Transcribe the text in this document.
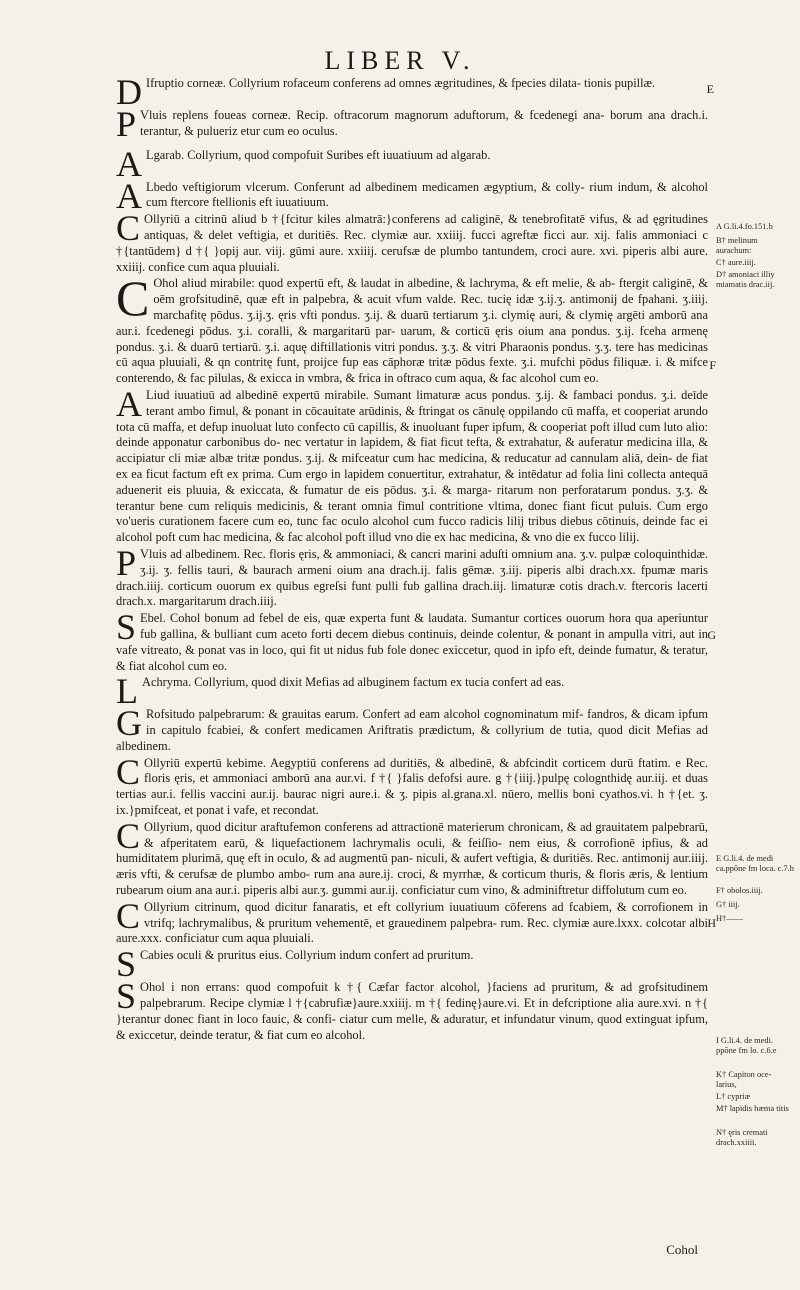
LIBER V.

D Ifruptio corneæ. Collyrium rofaceum conferens ad omnes ægritudines, & fpecies dilata- tionis pupillæ.

P Vluis replens foueas corneæ. Recip. oftracorum magnorum aduftorum, & fcedenegi ana- borum ana drach.i. terantur, & pulueriz etur cum eo oculus.

A Lgarab. Collyrium, quod compofuit Suribes eft iuuatiuum ad algarab.

A Lbedo veftigiorum vlcerum. Conferunt ad albedinem medicamen ægyptium, & colly- rium indum, & alcohol cum ftercore ftellionis eft iuuatiuum.

C Ollyriū a citrinū aliud b †{fcitur kiles almatrā:}conferens ad caliginē, & tenebrofitatē vifus, & ad ęgritudines antiquas, & delet veftigia, et duritiēs. Rec. clymiæ aur. xxiiij. fucci agreftæ ficci aur. xij. falis ammoniaci c †{tantūdem} d †{ }opij aur. viij. gūmi aure. xxiiij. cerufsæ de plumbo tantundem, croci aure. xvi. piperis albi aure. xxiiij. confice cum aqua pluuiali.

C Ohol aliud mirabile: quod expertū eft, & laudat in albedine, & lachryma, & eft melie, & ab- ftergit caliginē, & oēm grofsitudinē, quæ eft in palpebra, & acuit vfum valde. Rec. tucię idæ ʒ.ij.ʒ. antimonij de fpahani. ʒ.iiij. marchafitę pōdus. ʒ.ij.ʒ. ęris vfti pondus. ʒ.ij. & duarū tertiarum ʒ.i. clymię auri, & clymię argēti amborū ana aur.i. fcedenegi pōdus. ʒ.i. coralli, & margaritarū par- uarum, & corticū ęris oium ana pondus. ʒ.ij. fceha armenę pondus. ʒ.i. & duarū tertiarū. ʒ.i. aquę diftillationis vitri pondus. ʒ.ʒ. & vitri Pharaonis pondus. ʒ.ʒ. tere has medicinas cū aqua pluuiali, & qn contritę funt, proijce fup eas cāphoræ tritæ pōdus fexte. ʒ.i. mufchi pōdus filiquæ. i. & mifce conterendo, & fac pilulas, & exicca in vmbra, & frica in oftraco cum aqua, & fac alcohol cum eo.

A Liud iuuatiuū ad albedinē expertū mirabile. Sumant limaturæ acus pondus. ʒ.ij. & fambaci pondus. ʒ.i. deīde terant ambo fimul, & ponant in cōcauitate arūdinis, & ftringat os cānulę oppilando cū maffa, et cooperiat arundo tota cū maffa, et defup inuoluat luto confecto cū capillis, & inuoluant fuper ipfum, & cooperiat poft illud cum luto alio: deinde apponatur carbonibus do- nec vertatur in lapidem, & fiat ficut tefta, & extrahatur, & auferatur medicina illa, & accipiatur cli miæ albæ tritæ pondus. ʒ.ij. & mifceatur cum hac medicina, & reducatur ad cannulam aliā, dein- de fiat ex ea ficut factum eft ex prima. Cum ergo in lapidem conuertitur, extrahatur, & intēdatur ad folia lini collecta antequā aduenerit eis pluuia, & exiccata, & fumatur de eis pōdus. ʒ.i. & marga- ritarum non perforatarum pondus. ʒ.ʒ. & terantur bene cum reliquis medicinis, & terant omnia fimul contritione vltima, donec fiant ficut puluis. Cum ergo vo'ueris curationem facere cum eo, tunc fac oculo alcohol cum fucco radicis lilij tribus diebus cōtinuis, deinde fac ei alcohol poft cum hac medicina, & fac alcohol poft illud vno die ex hac medicina, & vno die ex fucco lilij.

P Vluis ad albedinem. Rec. floris ęris, & ammoniaci, & cancri marini aduſti omnium ana. ʒ.v. pulpæ coloquinthidæ. ʒ.ij. ʒ. fellis tauri, & baurach armeni oium ana drach.ij. falis gēmæ. ʒ.iij. piperis albi drach.xx. fpumæ maris drach.iiij. corticum ouorum ex quibus egreſsi funt pulli fub gallina drach.iij. limaturæ cotis drach.v. ftercoris lacerti drach.x. margaritarum drach.iiij.

S Ebel. Cohol bonum ad febel de eis, quæ experta funt & laudata. Sumantur cortices ouorum hora qua aperiuntur fub gallina, & bulliant cum aceto forti decem diebus continuis, deinde colentur, & ponant in ampulla vitri, aut in vafe vitreato, & ponat vas in loco, qui fit ut nidus fub fole donec exiccetur, quod in ipfo eft, deinde fumatur, & teratur, & fiat alcohol cum eo.

L Achryma. Collyrium, quod dixit Mefias ad albuginem factum ex tucia confert ad eas.

G Rofsitudo palpebrarum: & grauitas earum. Confert ad eam alcohol cognominatum mif- fandros, & dicam ipfum in capitulo fcabiei, & confert medicamen Ariftratis prædictum, & collyrium de tutia, quod dicit Mefias ad albedinem.

C Ollyriū expertū kebime. Aegyptiū conferens ad duritiēs, & albedinē, & abfcindit corticem durū ftatim. e Rec. floris ęris, et ammoniaci amborū ana aur.vi. f †{ }falis defofsi aure. g †{iiij.}pulpę colognthidę aur.iij. et duas tertias aur.i. fellis vaccini aur.ij. baurac nigri aure.i. & ʒ. pipis al.grana.xl. nūero, mellis boni cyathos.vi. h †{et. ʒ. ix.}pmifceat, et ponat i vafe, et recondat.

C Ollyrium, quod dicitur araftufemon conferens ad attractionē materierum chronicam, & ad grauitatem palpebrarū, & afperitatem earū, & liquefactionem lachrymalis oculi, & feiſſio- nem eius, & corrofionē ipfius, & ad humiditatem plurimā, quę eft in oculo, & ad augmentū pan- niculi, & aufert veftigia, & duritiēs. Rec. antimonij aur.iiij. æris vfti, & cerufsæ de plumbo ambo- rum ana aure.ij. croci, & myrrhæ, & corticum thuris, & floris æris, & lentium rubearum oium ana aur.i. piperis albi aur.ʒ. gummi aur.ij. conficiatur cum vino, & adminiftretur diffolutum cum eo.

C Ollyrium citrinum, quod dicitur fanaratis, et eft collyrium iuuatiuum cōferens ad fcabiem, & corrofionem in vtrifq; lachrymalibus, & pruritum vehementē, et grauedinem palpebra- rum. Rec. clymiæ aure.lxxx. colcotar albi aure.xxx. conficiatur cum aqua pluuiali.

S Cabies oculi & pruritus eius. Collyrium indum confert ad pruritum.

S Ohol i non errans: quod compofuit k †{ Cæfar factor alcohol, }faciens ad pruritum, & ad grofsitudinem palpebrarum. Recipe clymiæ l †{cabrufiæ}aure.xxiiij. m †{ fedinę}aure.vi. Et in defcriptione alia aure.xvi. n †{ }terantur donec fiant in loco fauic, & confi- ciatur cum melle, & aduratur, et infundatur vinum, quod extinguat ipfum, & exiccetur, deinde teratur, & fiat cum eo alcohol.

E
F
G
H
A G.li.4.fo.151.b
B† melinum aurachum:
C† aure.iiij.
D† amoniaci illiy miamatis drac.iij.
E G.li.4. de medi ca.ppōne fm loca. c.7.h
F† obolos.iiij.
G† iiij.
H†——
I G.li.4. de medi. ppōne fm lo. c.6.e
K† Capiton oce- larius,
L† cypriæ
M† lapidis hæma titis
N† ęris cremati drach.xxiiii.
Cohol
